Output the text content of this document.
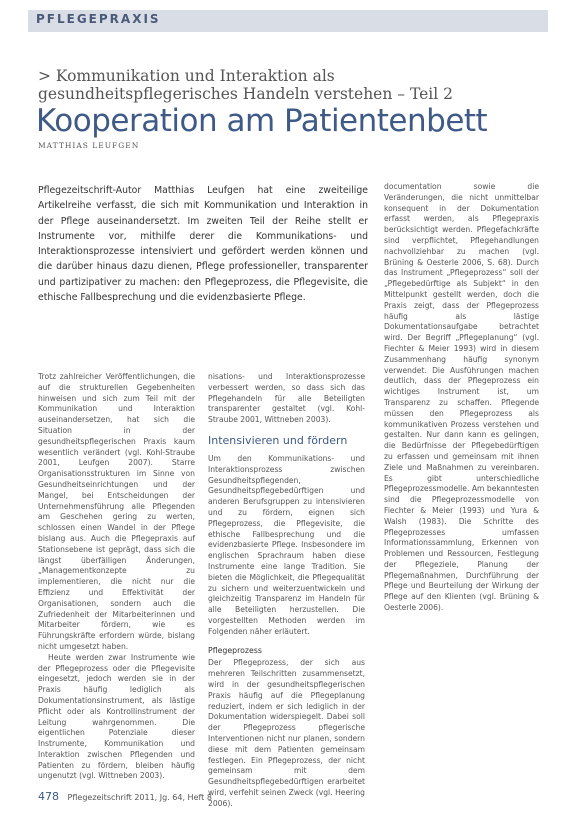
PFLEGEPRAXIS
> Kommunikation und Interaktion als gesundheitspflegerisches Handeln verstehen – Teil 2
Kooperation am Patientenbett
MATTHIAS LEUFGEN
Pflegezeitschrift-Autor Matthias Leufgen hat eine zweiteilige Artikelreihe verfasst, die sich mit Kommunikation und Interaktion in der Pflege auseinandersetzt. Im zweiten Teil der Reihe stellt er Instrumente vor, mithilfe derer die Kommunikations- und Interaktionsprozesse intensiviert und gefördert werden können und die darüber hinaus dazu dienen, Pflege professioneller, transparenter und partizipativer zu machen: den Pflegeprozess, die Pflegevisite, die ethische Fallbesprechung und die evidenzbasierte Pflege.

Trotz zahlreicher Veröffentlichungen, die auf die strukturellen Gegebenheiten hinweisen und sich zum Teil mit der Kommunikation und Interaktion auseinandersetzen, hat sich die Situation in der gesundheitspflegerischen Praxis kaum wesentlich verändert (vgl. Kohl-Straube 2001, Leufgen 2007). Starre Organisationsstrukturen im Sinne von Gesundheitseinrichtungen und der Mangel, bei Entscheidungen der Unternehmensführung alle Pflegenden am Geschehen gering zu werten, schlossen einen Wandel in der Pflege bislang aus. Auch die Pflegepraxis auf Stationsebene ist geprägt, dass sich die längst überfälligen Änderungen, „Managementkonzepte zu implementieren, die nicht nur die Effizienz und Effektivität der Organisationen, sondern auch die Zufriedenheit der Mitarbeiterinnen und Mitarbeiter fördern, wie es Führungskräfte erfordern würde, bislang nicht umgesetzt haben.

Heute werden zwar Instrumente wie der Pflegeprozess oder die Pflegevisite eingesetzt, jedoch werden sie in der Praxis häufig lediglich als Dokumentationsinstrument, als lästige Pflicht oder als Kontrollinstrument der Leitung wahrgenommen. Die eigentlichen Potenziale dieser Instrumente, Kommunikation und Interaktion zwischen Pflegenden und Patienten zu fördern, bleiben häufig ungenutzt (vgl. Wittneben 2003).

nisations- und Interaktionsprozesse verbessert werden, so dass sich das Pflegehandeln für alle Beteiligten transparenter gestaltet (vgl. Kohl-Straube 2001, Wittneben 2003).

Intensivieren und fördern

Um den Kommunikations- und Interaktionsprozess zwischen Gesundheitspflegenden, Gesundheitspflegebedürftigen und anderen Berufsgruppen zu intensivieren und zu fördern, eignen sich Pflegeprozess, die Pflegevisite, die ethische Fallbesprechung und die evidenzbasierte Pflege. Insbesondere im englischen Sprachraum haben diese Instrumente eine lange Tradition. Sie bieten die Möglichkeit, die Pflegequalität zu sichern und weiterzuentwickeln und gleichzeitig Transparenz im Handeln für alle Beteiligten herzustellen. Die vorgestellten Methoden werden im Folgenden näher erläutert.

Pflegeprozess

Der Pflegeprozess, der sich aus mehreren Teilschritten zusammensetzt, wird in der gesundheitspflegerischen Praxis häufig auf die Pflegeplanung reduziert, indem er sich lediglich in der Dokumentation widerspiegelt. Dabei soll der Pflegeprozess pflegerische Interventionen nicht nur planen, sondern diese mit dem Patienten gemeinsam festlegen. Ein Pflegeprozess, der nicht gemeinsam mit dem Gesundheitspflegebedürftigen erarbeitet wird, verfehlt seinen Zweck (vgl. Heering 2006).

documentation sowie die Veränderungen, die nicht unmittelbar konsequent in der Dokumentation erfasst werden, als Pflegepraxis berücksichtigt werden. Pflegefachkräfte sind verpflichtet, Pflegehandlungen nachvollziehbar zu machen (vgl. Brüning & Oesterle 2006, S. 68). Durch das Instrument „Pflegeprozess“ soll der „Pflegebedürftige als Subjekt“ in den Mittelpunkt gestellt werden, doch die Praxis zeigt, dass der Pflegeprozess häufig als lästige Dokumentationsaufgabe betrachtet wird. Der Begriff „Pflegeplanung“ (vgl. Fiechter & Meier 1993) wird in diesem Zusammenhang häufig synonym verwendet. Die Ausführungen machen deutlich, dass der Pflegeprozess ein wichtiges Instrument ist, um Transparenz zu schaffen. Pflegende müssen den Pflegeprozess als kommunikativen Prozess verstehen und gestalten. Nur dann kann es gelingen, die Bedürfnisse der Pflegebedürftigen zu erfassen und gemeinsam mit ihnen Ziele und Maßnahmen zu vereinbaren. Es gibt unterschiedliche Pflegeprozessmodelle. Am bekanntesten sind die Pflegeprozessmodelle von Fiechter & Meier (1993) und Yura & Walsh (1983). Die Schritte des Pflegeprozesses umfassen Informationssammlung, Erkennen von Problemen und Ressourcen, Festlegung der Pflegeziele, Planung der Pflegemaßnahmen, Durchführung der Pflege und Beurteilung der Wirkung der Pflege auf den Klienten (vgl. Brüning & Oesterle 2006).

478 Pflegezeitschrift 2011, Jg. 64, Heft 8
